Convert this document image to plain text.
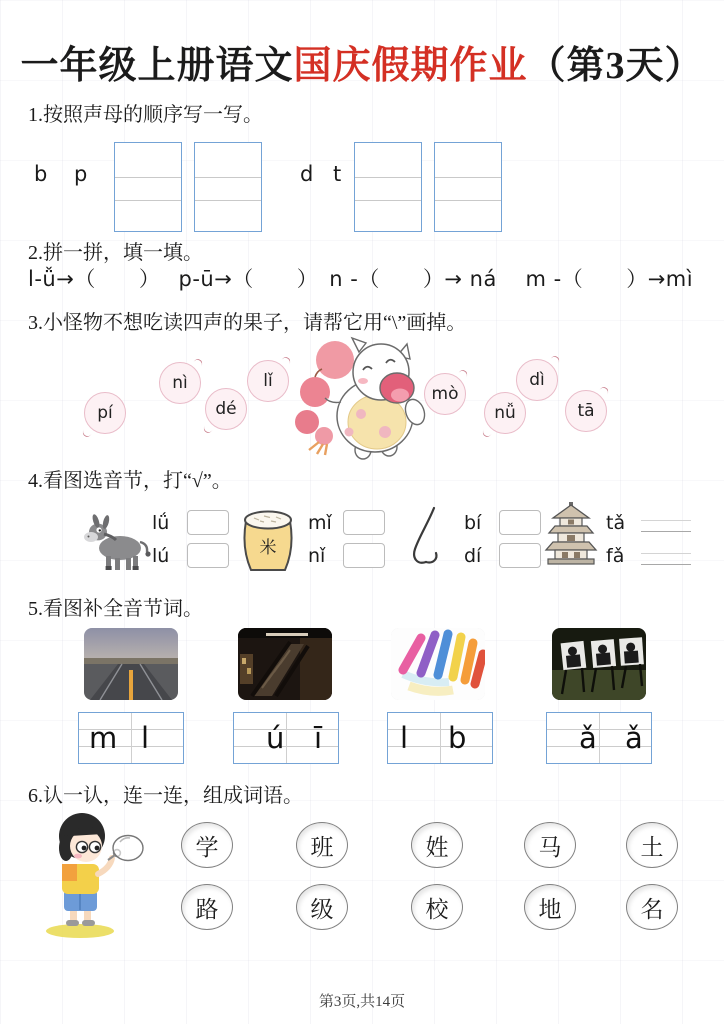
一年级上册语文国庆假期作业（第3天）
1.按照声母的顺序写一写。
b p	d t
2.拼一拼，填一填。
l-ǚ→（　　）　 p-ū→（　　）　n -（　　）→ ná　 m -（　　）→mì
3.小怪物不想吃读四声的果子，请帮它用“\”画掉。
pí
nì
dé
lǐ
mò
nǚ
dì
tā
4.看图选音节，打“√”。
lǘ
lú	米
mǐ
nǐ
bí
dí
tǎ
fǎ
5.看图补全音节词。
m l	ú ī	l b	ǎ ǎ
6.认一认，连一连，组成词语。
学	班	姓	马	土
路	级	校	地	名
第3页,共14页
